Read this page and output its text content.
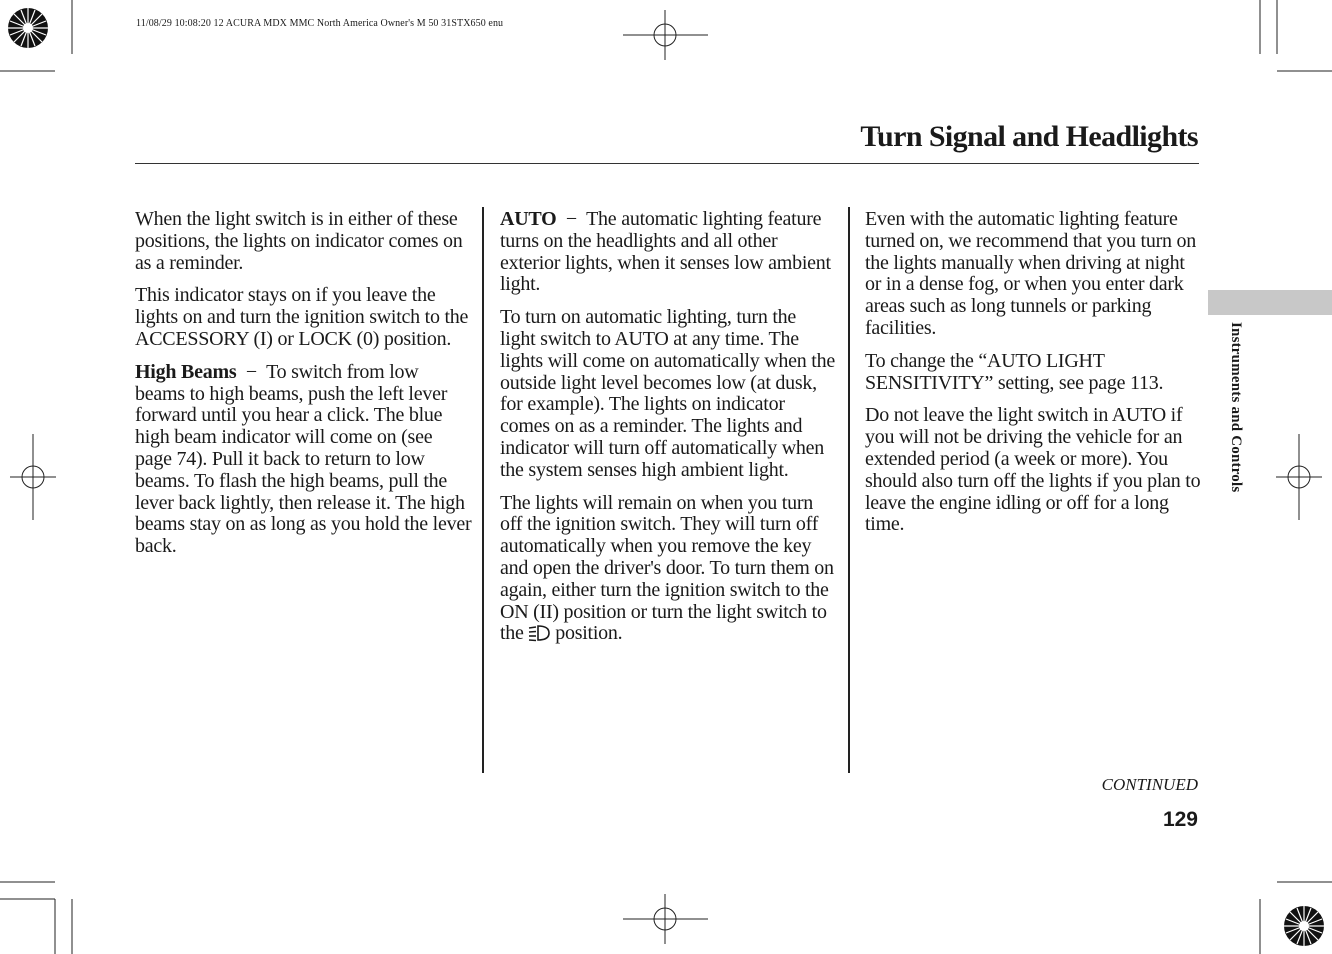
11/08/29 10:08:20 12 ACURA MDX MMC North America Owner's M 50 31STX650 enu
Turn Signal and Headlights

When the light switch is in either of these positions, the lights on indicator comes on as a reminder.

This indicator stays on if you leave the lights on and turn the ignition switch to the ACCESSORY (I) or LOCK (0) position.

High Beams  −  To switch from low beams to high beams, push the left lever forward until you hear a click. The blue high beam indicator will come on (see page 74). Pull it back to return to low beams. To flash the high beams, pull the lever back lightly, then release it. The high beams stay on as long as you hold the lever back.

AUTO  −  The automatic lighting feature turns on the headlights and all other exterior lights, when it senses low ambient light.

To turn on automatic lighting, turn the light switch to AUTO at any time. The lights will come on automatically when the outside light level becomes low (at dusk, for example). The lights on indicator comes on as a reminder. The lights and indicator will turn off automatically when the system senses high ambient light.

The lights will remain on when you turn off the ignition switch. They will turn off automatically when you remove the key and open the driver's door. To turn them on again, either turn the ignition switch to the ON (II) position or turn the light switch to the position.

Even with the automatic lighting feature turned on, we recommend that you turn on the lights manually when driving at night or in a dense fog, or when you enter dark areas such as long tunnels or parking facilities.

To change the “AUTO LIGHT SENSITIVITY” setting, see page 113.

Do not leave the light switch in AUTO if you will not be driving the vehicle for an extended period (a week or more). You should also turn off the lights if you plan to leave the engine idling or off for a long time.

Instruments and Controls
CONTINUED
129
